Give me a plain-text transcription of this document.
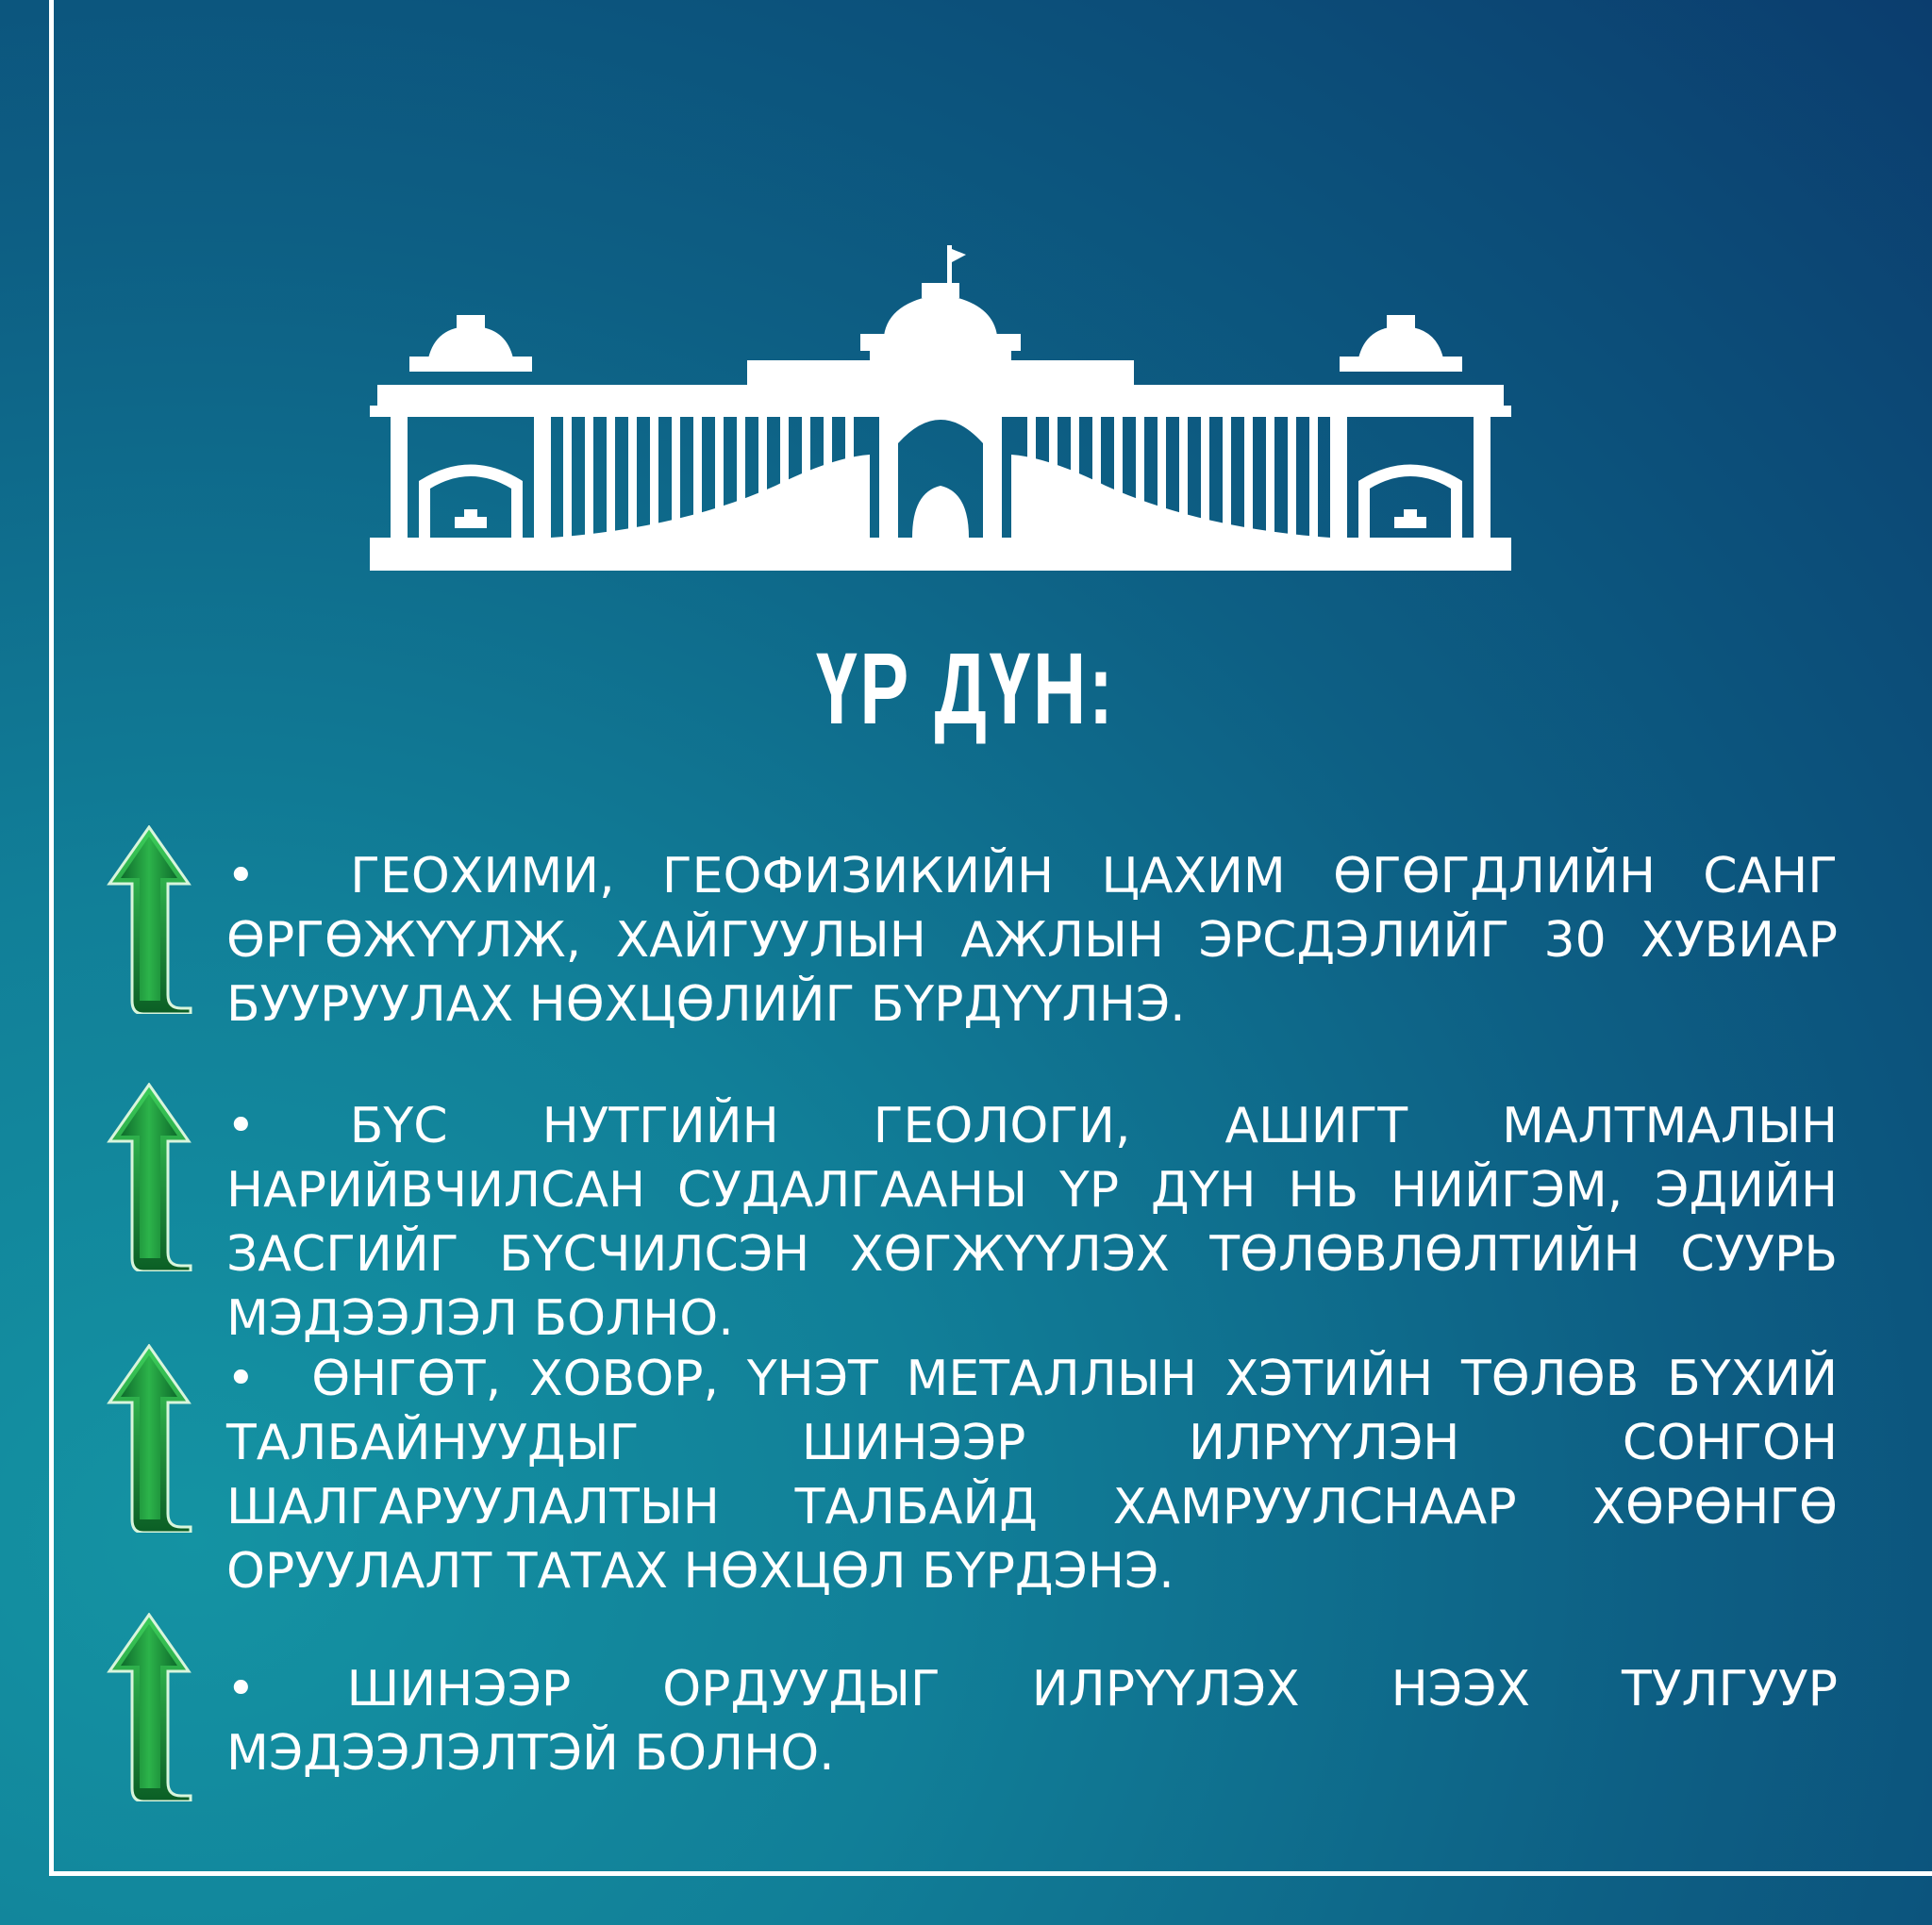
ҮР ДҮН:
• ГЕОХИМИ, ГЕОФИЗИКИЙН ЦАХИМ ӨГӨГДЛИЙН САНГ ӨРГӨЖҮҮЛЖ, ХАЙГУУЛЫН АЖЛЫН ЭРСДЭЛИЙГ 30 ХУВИАР БУУРУУЛАХ НӨХЦӨЛИЙГ БҮРДҮҮЛНЭ.
• БҮС НУТГИЙН ГЕОЛОГИ, АШИГТ МАЛТМАЛЫН НАРИЙВЧИЛСАН СУДАЛГААНЫ ҮР ДҮН НЬ НИЙГЭМ, ЭДИЙН ЗАСГИЙГ БҮСЧИЛСЭН ХӨГЖҮҮЛЭХ ТӨЛӨВЛӨЛТИЙН СУУРЬ МЭДЭЭЛЭЛ БОЛНО.
• ӨНГӨТ, ХОВОР, ҮНЭТ МЕТАЛЛЫН ХЭТИЙН ТӨЛӨВ БҮХИЙ ТАЛБАЙНУУДЫГ ШИНЭЭР ИЛРҮҮЛЭН СОНГОН ШАЛГАРУУЛАЛТЫН ТАЛБАЙД ХАМРУУЛСНААР ХӨРӨНГӨ ОРУУЛАЛТ ТАТАХ НӨХЦӨЛ БҮРДЭНЭ.
• ШИНЭЭР ОРДУУДЫГ ИЛРҮҮЛЭХ НЭЭХ ТУЛГУУР МЭДЭЭЛЭЛТЭЙ БОЛНО.
